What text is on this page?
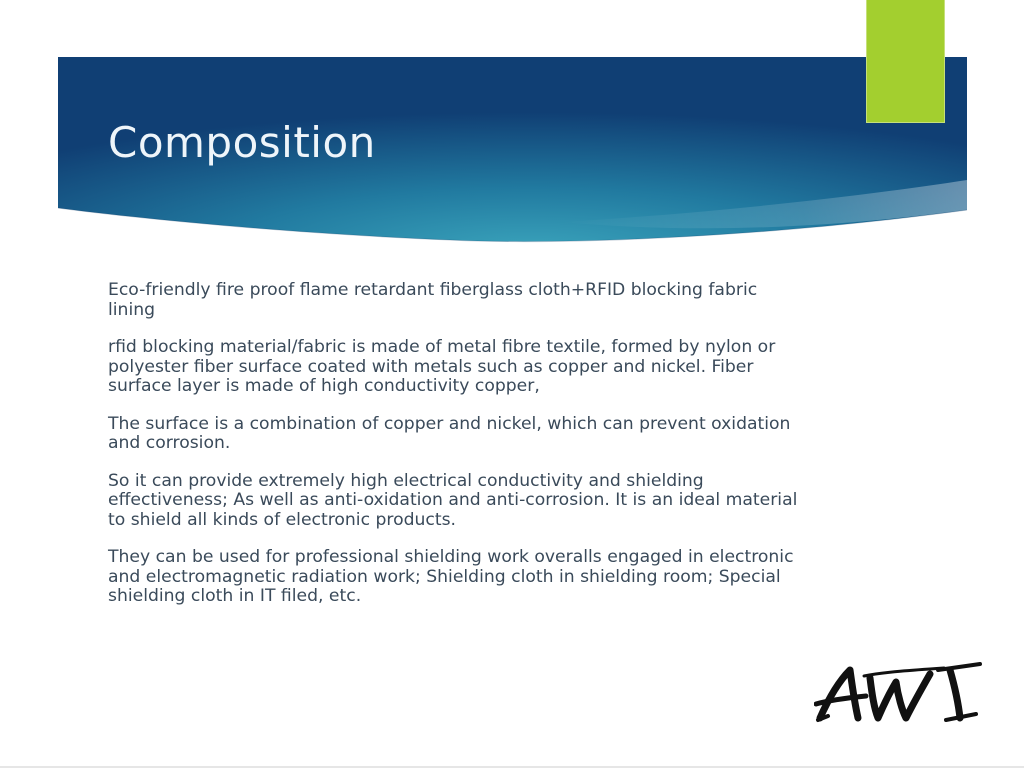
Composition

Eco-friendly fire proof flame retardant fiberglass cloth+RFID blocking fabric lining

rfid blocking material/fabric is made of metal fibre textile, formed by nylon or polyester fiber surface coated with metals such as copper and nickel. Fiber surface layer is made of high conductivity copper,

The surface is a combination of copper and nickel, which can prevent oxidation and corrosion.

So it can provide extremely high electrical conductivity and shielding effectiveness; As well as anti-oxidation and anti-corrosion. It is an ideal material to shield all kinds of electronic products.

They can be used for professional shielding work overalls engaged in electronic and electromagnetic radiation work; Shielding cloth in shielding room; Special shielding cloth in IT filed, etc.
